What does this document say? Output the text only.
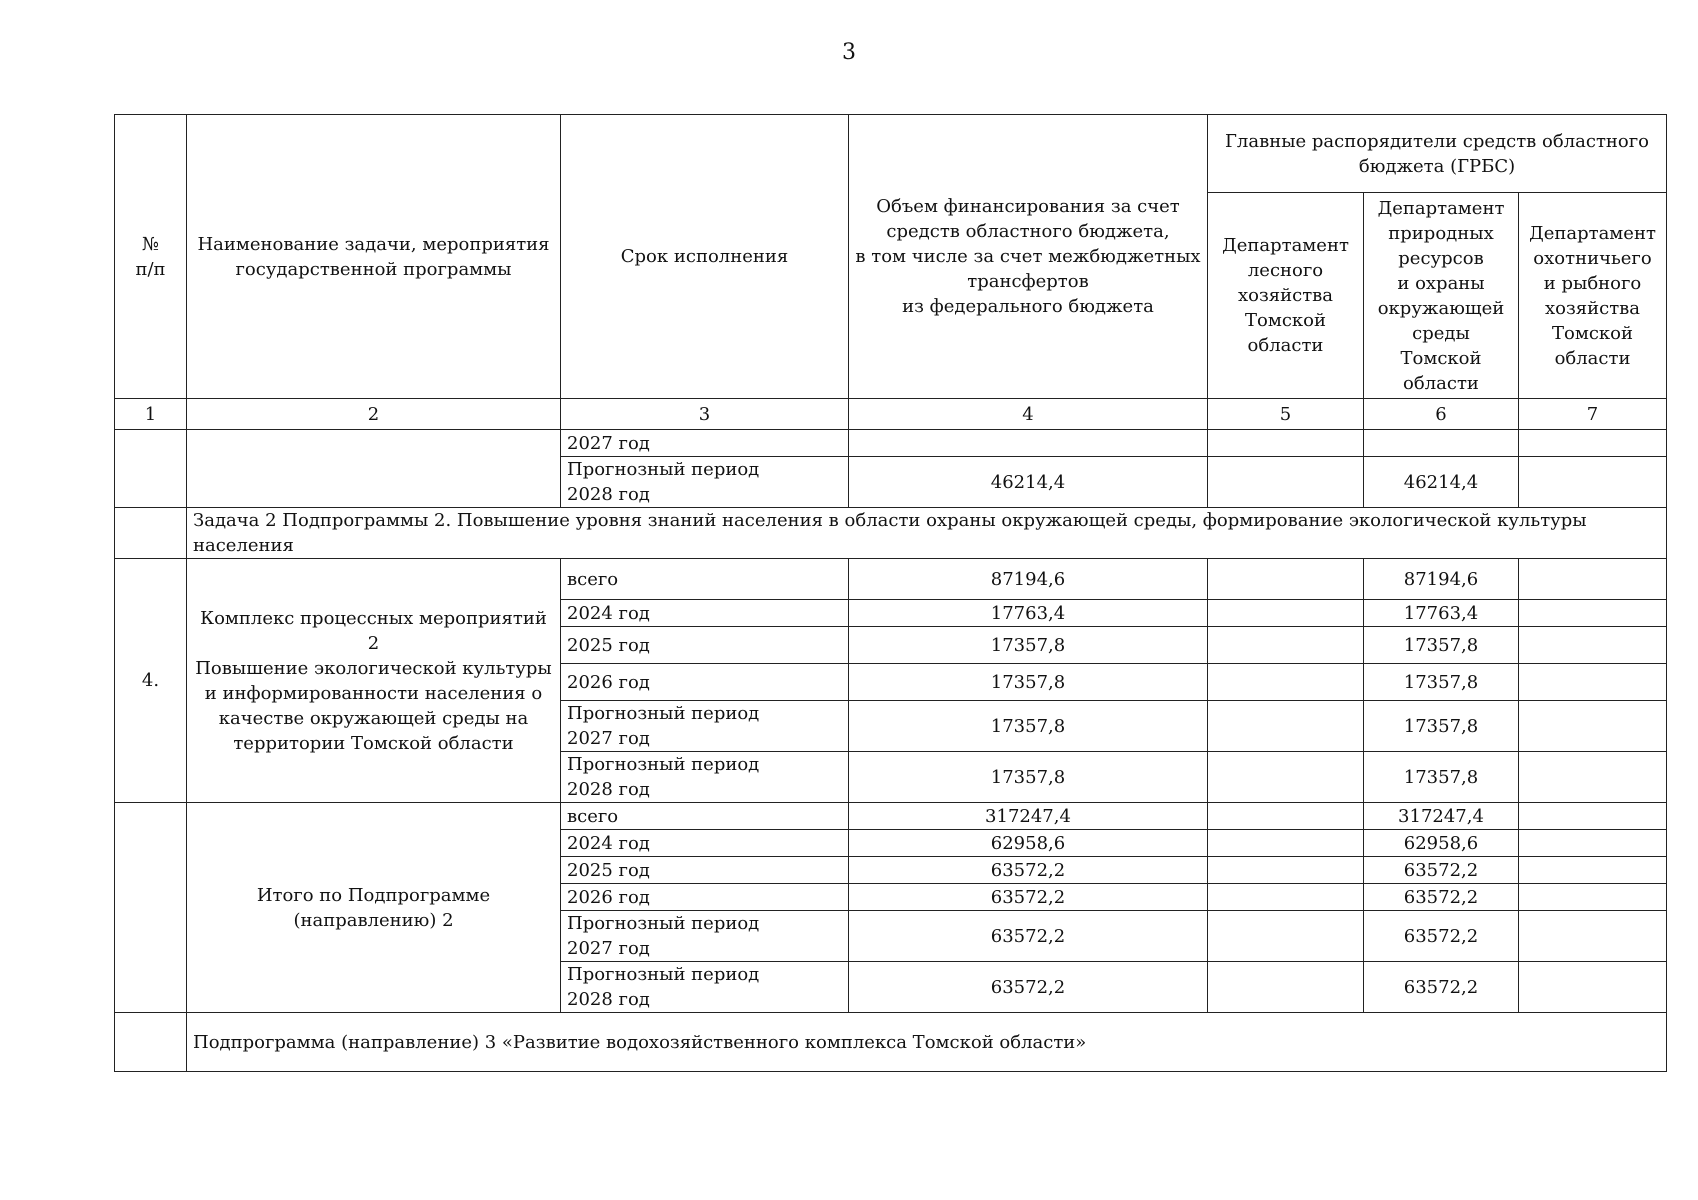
3
№
п/п	Наименование задачи, мероприятия государственной программы	Срок исполнения	Объем финансирования за счет средств областного бюджета,
в том числе за счет межбюджетных трансфертов
из федерального бюджета	Главные распорядители средств областного бюджета (ГРБС)		
				Департамент лесного хозяйства Томской области	Департамент природных ресурсов
и охраны окружающей среды Томской области	Департамент охотничьего
и рыбного хозяйства Томской области
1	2	3	4	5	6	7
		2027 год				
		Прогнозный период
2028 год	46214,4		46214,4	
	Задача 2 Подпрограммы 2. Повышение уровня знаний населения в области охраны окружающей среды, формирование экологической культуры населения					
4.	Комплекс процессных мероприятий 2
Повышение экологической культуры и информированности населения о качестве окружающей среды на территории Томской области	всего	87194,6		87194,6	
		2024 год	17763,4		17763,4	
		2025 год	17357,8		17357,8	
		2026 год	17357,8		17357,8	
		Прогнозный период
2027 год	17357,8		17357,8	
		Прогнозный период
2028 год	17357,8		17357,8	
	Итого по Подпрограмме (направлению) 2	всего	317247,4		317247,4	
		2024 год	62958,6		62958,6	
		2025 год	63572,2		63572,2	
		2026 год	63572,2		63572,2	
		Прогнозный период
2027 год	63572,2		63572,2	
		Прогнозный период
2028 год	63572,2		63572,2	
	Подпрограмма (направление) 3 «Развитие водохозяйственного комплекса Томской области»					
